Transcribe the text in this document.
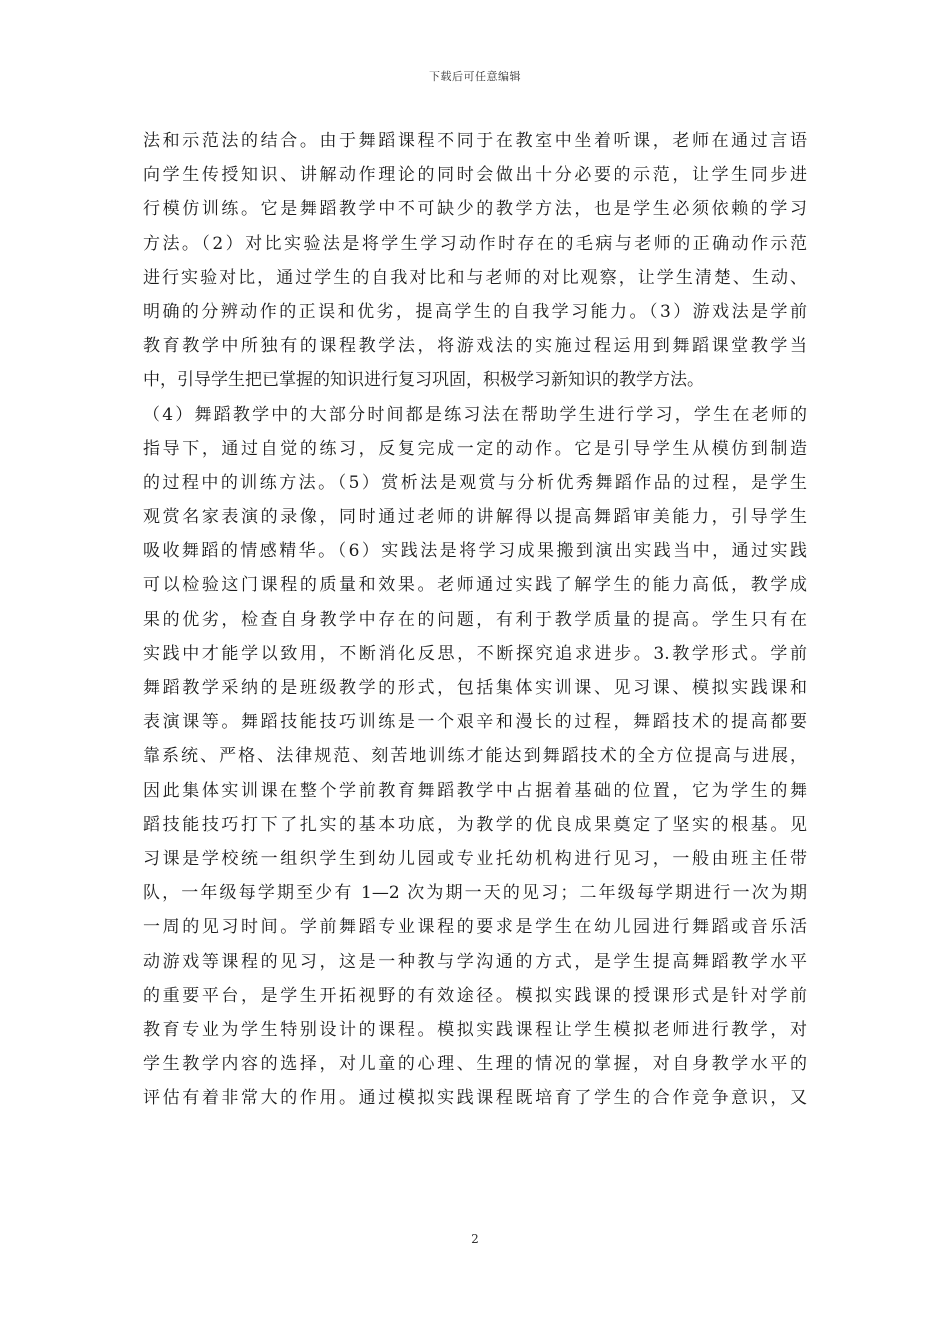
下载后可任意编辑
法和示范法的结合。由于舞蹈课程不同于在教室中坐着听课，老师在通过言语
向学生传授知识、讲解动作理论的同时会做出十分必要的示范，让学生同步进
行模仿训练。它是舞蹈教学中不可缺少的教学方法，也是学生必须依赖的学习
方法。（2）对比实验法是将学生学习动作时存在的毛病与老师的正确动作示范
进行实验对比，通过学生的自我对比和与老师的对比观察，让学生清楚、生动、
明确的分辨动作的正误和优劣，提高学生的自我学习能力。（3）游戏法是学前
教育教学中所独有的课程教学法，将游戏法的实施过程运用到舞蹈课堂教学当
中，引导学生把已掌握的知识进行复习巩固，积极学习新知识的教学方法。
（4）舞蹈教学中的大部分时间都是练习法在帮助学生进行学习，学生在老师的
指导下，通过自觉的练习，反复完成一定的动作。它是引导学生从模仿到制造
的过程中的训练方法。（5）赏析法是观赏与分析优秀舞蹈作品的过程，是学生
观赏名家表演的录像，同时通过老师的讲解得以提高舞蹈审美能力，引导学生
吸收舞蹈的情感精华。（6）实践法是将学习成果搬到演出实践当中，通过实践
可以检验这门课程的质量和效果。老师通过实践了解学生的能力高低，教学成
果的优劣，检查自身教学中存在的问题，有利于教学质量的提高。学生只有在
实践中才能学以致用，不断消化反思，不断探究追求进步。3.教学形式。学前
舞蹈教学采纳的是班级教学的形式，包括集体实训课、见习课、模拟实践课和
表演课等。舞蹈技能技巧训练是一个艰辛和漫长的过程，舞蹈技术的提高都要
靠系统、严格、法律规范、刻苦地训练才能达到舞蹈技术的全方位提高与进展，
因此集体实训课在整个学前教育舞蹈教学中占据着基础的位置，它为学生的舞
蹈技能技巧打下了扎实的基本功底，为教学的优良成果奠定了坚实的根基。见
习课是学校统一组织学生到幼儿园或专业托幼机构进行见习，一般由班主任带
队，一年级每学期至少有 1—2 次为期一天的见习；二年级每学期进行一次为期
一周的见习时间。学前舞蹈专业课程的要求是学生在幼儿园进行舞蹈或音乐活
动游戏等课程的见习，这是一种教与学沟通的方式，是学生提高舞蹈教学水平
的重要平台，是学生开拓视野的有效途径。模拟实践课的授课形式是针对学前
教育专业为学生特别设计的课程。模拟实践课程让学生模拟老师进行教学，对
学生教学内容的选择，对儿童的心理、生理的情况的掌握，对自身教学水平的
评估有着非常大的作用。通过模拟实践课程既培育了学生的合作竞争意识，又
2
